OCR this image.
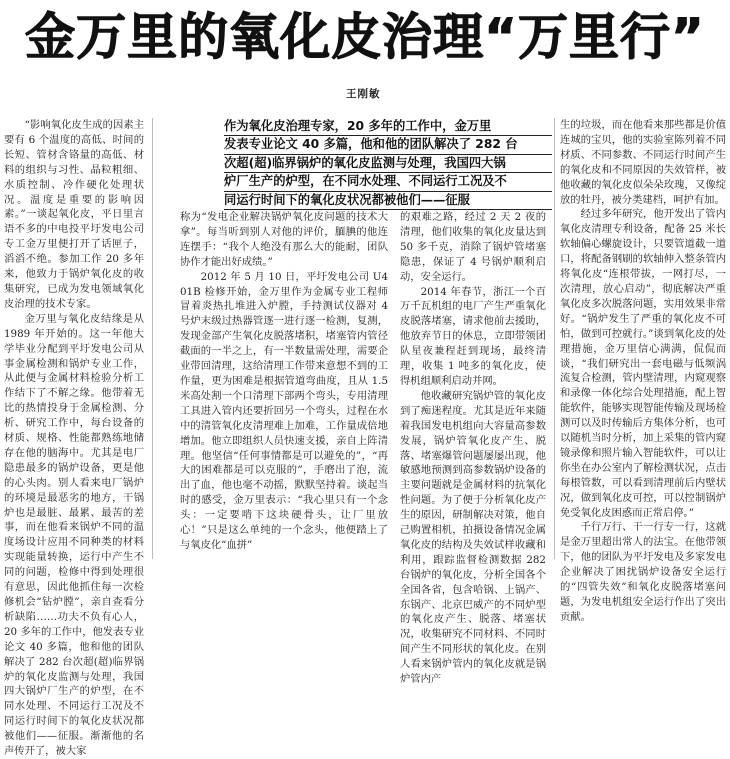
金万里的氧化皮治理“万里行”
王刚敏
作为氧化皮治理专家，20 多年的工作中，金万里
发表专业论文 40 多篇，他和他的团队解决了 282 台
次超(超)临界锅炉的氧化皮监测与处理，我国四大锅
炉厂生产的炉型，在不同水处理、不同运行工况及不
同运行时间下的氧化皮状况都被他们——征服

“影响氧化皮生成的因素主要有 6 个温度的高低、时间的长短、管材含铬量的高低、材料的组织与习性、晶粒粗细、水质控制、冷作硬化处理状况。温度是重要的影响因素。”一谈起氧化皮，平日里言语不多的中电投平圩发电公司专工金万里便打开了话匣子，滔滔不绝。参加工作 20 多年来，他致力于锅炉氧化皮的收集研究，已成为发电领域氧化皮治理的技术专家。

金万里与氧化皮结缘是从 1989 年开始的。这一年他大学毕业分配到平圩发电公司从事金属检测和锅炉专业工作，从此便与金属材料检验分析工作结下了不解之缘。他带着无比的热情投身于金属检测、分析、研究工作中，每台设备的材质、规格、性能都熟练地储存在他的脑海中。尤其是电厂隐患最多的锅炉设备，更是他的心头肉。别人看来电厂锅炉的环境是最恶劣的地方，干锅炉也是最脏、最累、最苦的差事，而在他看来锅炉不同的温度场设计应用不同种类的材料实现能量转换，运行中产生不同的问题，检修中得到处理很有意思，因此他抓住每一次检修机会“钻炉膛”，亲自查看分析缺陷……功夫不负有心人，20 多年的工作中，他发表专业论文 40 多篇，他和他的团队解决了 282 台次超(超)临界锅炉的氧化皮监测与处理，我国四大锅炉厂生产的炉型，在不同水处理、不同运行工况及不同运行时间下的氧化皮状况都被他们——征服。渐渐他的名声传开了，被大家

称为“发电企业解决锅炉氧化皮问题的技术大拿”。每当听到别人对他的评价，腼腆的他连连摆手：“我个人绝没有那么大的能耐，团队协作才能出好成绩。”

2012 年 5 月 10 日，平圩发电公司 U401B 检修开始，金万里作为金属专业工程师冒着炎热扎堆进入炉膛，手持测试仪器对 4 号炉末级过热器管逐一进行逐一检测，复测，发现金部产生氧化皮脱落堵积，堵塞管内管径截面的一半之上，有一半数量需处理，需要企业带回清理，这给清理工作带来意想不到的工作量，更为困难是根据管道弯曲度，且从 1.5 米高处割一个口清理下部两个弯头，专用清理工具进入管内还要折回另一个弯头，过程在水中的清管氧化皮清理难上加难，工作量成倍地增加。他立即组织人员快速支援，亲自上阵清理。他坚信“任何事情都是可以避免的”，“再大的困难都是可以克服的”，手磨出了泡，流出了血，他也毫不动摇，默默坚持着。谈起当时的感受，金万里表示：“我心里只有一个念头：一定要啃下这块硬骨头，让厂里放心！”只是这么单纯的一个念头，他便踏上了与氧皮化“血拼”

的艰难之路，经过 2 天 2 夜的清理，他们收集的氧化皮量达到 50 多千克，消除了锅炉管堵塞隐患，保证了 4 号锅炉顺利启动，安全运行。

2014 年春节，浙江一个百万千瓦机组的电厂产生严重氧化皮脱落堵塞，请求他前去援助，他放弃节日的休息，立即带领团队星夜兼程赶到现场，最终清理，收集 1 吨多的氧化皮，使得机组顺利启动并网。

他收藏研究锅炉管的氧化皮到了痴迷程度。尤其是近年来随着我国发电机组向大容量高参数发展，锅炉管氧化皮产生、脱落、堵塞爆管问题屡屡出现，他敏感地预测到高参数锅炉设备的主要问题就是金属材料的抗氧化性问题。为了便于分析氧化皮产生的原因，研制解决对策，他自己购置相机，拍摄设备情况金属氧化皮的结构及失效试样收藏和利用，跟踪监督检测数据 282 台锅炉的氧化皮，分析全国各个全国各省，包含哈锅、上锅产、东锅产、北京巴威产的不同炉型的氧化皮产生、脱落、堵塞状况，收集研究不同材料、不同时间产生不同形状的氧化皮。在别人看来锅炉管内的氧化皮就是锅炉管内产

生的垃圾，而在他看来那些都是价值连城的宝贝，他的实验室陈列着不同材质、不同参数、不同运行时间产生的氧化皮和不同原因的失效管样，被他收藏的氧化皮似朵朵玫瑰，又像绽放的牡丹，被分类建档，呵护有加。

经过多年研究，他开发出了管内氧化皮清理专利设备，配备 25 米长软轴偏心螺旋设计，只要管道截一道口，将配备钢刷的软轴伸入整条管内将氧化皮“连根带拔，一网打尽，一次清理，放心启动”，彻底解决严重氧化皮多次脱落问题，实用效果非常好。“锅炉发生了严重的氧化皮不可怕，做到可控就行。”谈到氧化皮的处理措施，金万里信心满满，侃侃而谈，“我们研究出一套电磁与低频涡流复合检测，管内壁清理，内窥观察和录像一体化综合处理措施，配上智能软件，能够实现智能传输及现场检测可以及时传输后方集体分析，也可以随机当时分析，加上采集的管内窥镜录像和照片输入智能软件，可以让你坐在办公室内了解检测状况，点击每根管数，可以看到清理前后内壁状况，做到氧化皮可控，可以控制锅炉免受氧化皮困惑而正常启停。”

千行万行、干一行专一行，这就是金万里超出常人的法宝。在他带领下，他的团队为平圩发电及多家发电企业解决了困扰锅炉设备安全运行的“四管失效”和氧化皮脱落堵塞问题，为发电机组安全运行作出了突出贡献。
